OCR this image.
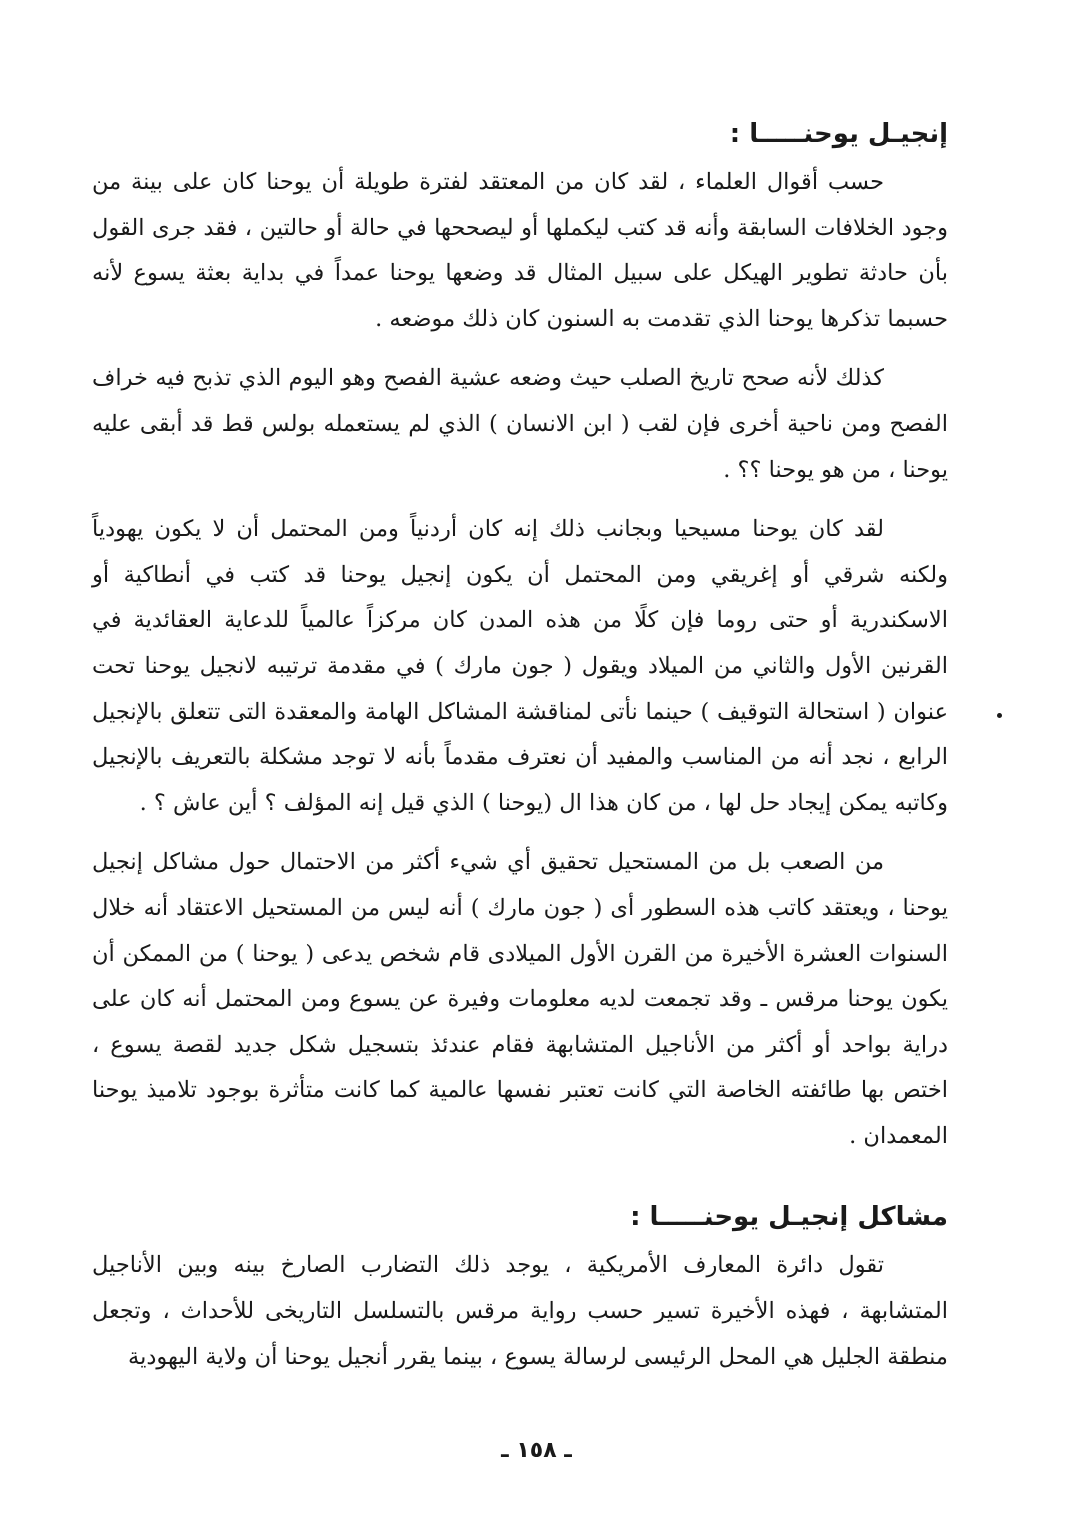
إنجيـل يوحنـــــا :

حسب أقوال العلماء ، لقد كان من المعتقد لفترة طويلة أن يوحنا كان على بينة من وجود الخلافات السابقة وأنه قد كتب ليكملها أو ليصححها في حالة أو حالتين ، فقد جرى القول بأن حادثة تطوير الهيكل على سبيل المثال قد وضعها يوحنا عمداً في بداية بعثة يسوع لأنه حسبما تذكرها يوحنا الذي تقدمت به السنون كان ذلك موضعه .

كذلك لأنه صحح تاريخ الصلب حيث وضعه عشية الفصح وهو اليوم الذي تذبح فيه خراف الفصح ومن ناحية أخرى فإن لقب ( ابن الانسان ) الذي لم يستعمله بولس قط قد أبقى عليه يوحنا ، من هو يوحنا ؟؟ .

لقد كان يوحنا مسيحيا وبجانب ذلك إنه كان أردنياً ومن المحتمل أن لا يكون يهودياً ولكنه شرقي أو إغريقي ومن المحتمل أن يكون إنجيل يوحنا قد كتب في أنطاكية أو الاسكندرية أو حتى روما فإن كلًا من هذه المدن كان مركزاً عالمياً للدعاية العقائدية في القرنين الأول والثاني من الميلاد ويقول ( جون مارك ) في مقدمة ترتيبه لانجيل يوحنا تحت عنوان ( استحالة التوقيف ) حينما نأتى لمناقشة المشاكل الهامة والمعقدة التى تتعلق بالإنجيل الرابع ، نجد أنه من المناسب والمفيد أن نعترف مقدماً بأنه لا توجد مشكلة بالتعريف بالإنجيل وكاتبه يمكن إيجاد حل لها ، من كان هذا ال (يوحنا ) الذي قيل إنه المؤلف ؟ أين عاش ؟ .

من الصعب بل من المستحيل تحقيق أي شيء أكثر من الاحتمال حول مشاكل إنجيل يوحنا ، ويعتقد كاتب هذه السطور أى ( جون مارك ) أنه ليس من المستحيل الاعتقاد أنه خلال السنوات العشرة الأخيرة من القرن الأول الميلادى قام شخص يدعى ( يوحنا ) من الممكن أن يكون يوحنا مرقس ـ وقد تجمعت لديه معلومات وفيرة عن يسوع ومن المحتمل أنه كان على دراية بواحد أو أكثر من الأناجيل المتشابهة فقام عندئذ بتسجيل شكل جديد لقصة يسوع ، اختص بها طائفته الخاصة التي كانت تعتبر نفسها عالمية كما كانت متأثرة بوجود تلاميذ يوحنا المعمدان .

مشاكل إنجيـل يوحنـــــا :

تقول دائرة المعارف الأمريكية ، يوجد ذلك التضارب الصارخ بينه وبين الأناجيل المتشابهة ، فهذه الأخيرة تسير حسب رواية مرقس بالتسلسل التاريخى للأحداث ، وتجعل منطقة الجليل هي المحل الرئيسى لرسالة يسوع ، بينما يقرر أنجيل يوحنا أن ولاية اليهودية

ـ ١٥٨ ـ
